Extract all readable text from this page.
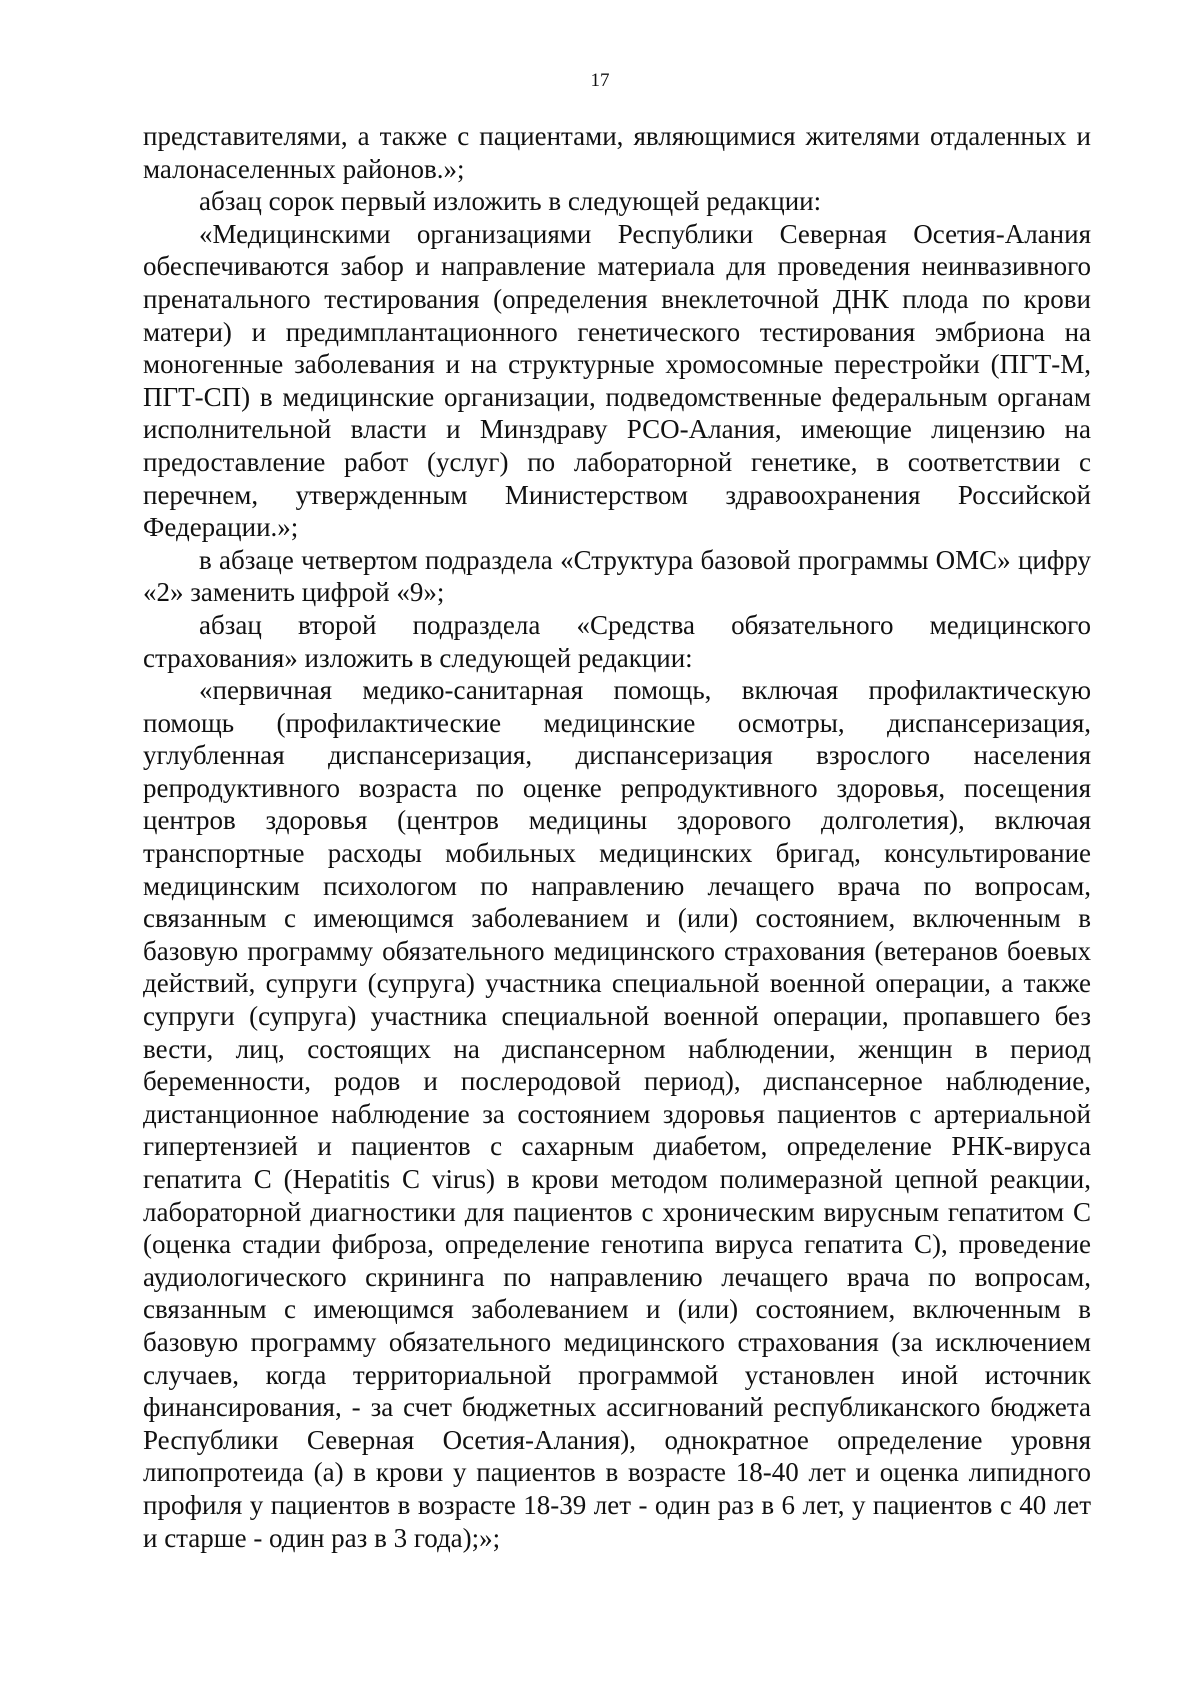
17

представителями, а также с пациентами, являющимися жителями отдаленных и малонаселенных районов.»;

абзац сорок первый изложить в следующей редакции:

«Медицинскими организациями Республики Северная Осетия-Алания обеспечиваются забор и направление материала для проведения неинвазивного пренатального тестирования (определения внеклеточной ДНК плода по крови матери) и предимплантационного генетического тестирования эмбриона на моногенные заболевания и на структурные хромосомные перестройки (ПГТ-М, ПГТ-СП) в медицинские организации, подведомственные федеральным органам исполнительной власти и Минздраву РСО-Алания, имеющие лицензию на предоставление работ (услуг) по лабораторной генетике, в соответствии с перечнем, утвержденным Министерством здравоохранения Российской Федерации.»;

в абзаце четвертом подраздела «Структура базовой программы ОМС» цифру «2» заменить цифрой «9»;

абзац второй подраздела «Средства обязательного медицинского страхования» изложить в следующей редакции:

«первичная медико-санитарная помощь, включая профилактическую помощь (профилактические медицинские осмотры, диспансеризация, углубленная диспансеризация, диспансеризация взрослого населения репродуктивного возраста по оценке репродуктивного здоровья, посещения центров здоровья (центров медицины здорового долголетия), включая транспортные расходы мобильных медицинских бригад, консультирование медицинским психологом по направлению лечащего врача по вопросам, связанным с имеющимся заболеванием и (или) состоянием, включенным в базовую программу обязательного медицинского страхования (ветеранов боевых действий, супруги (супруга) участника специальной военной операции, а также супруги (супруга) участника специальной военной операции, пропавшего без вести, лиц, состоящих на диспансерном наблюдении, женщин в период беременности, родов и послеродовой период), диспансерное наблюдение, дистанционное наблюдение за состоянием здоровья пациентов с артериальной гипертензией и пациентов с сахарным диабетом, определение РНК-вируса гепатита С (Hepatitis C virus) в крови методом полимеразной цепной реакции, лабораторной диагностики для пациентов с хроническим вирусным гепатитом С (оценка стадии фиброза, определение генотипа вируса гепатита С), проведение аудиологического скрининга по направлению лечащего врача по вопросам, связанным с имеющимся заболеванием и (или) состоянием, включенным в базовую программу обязательного медицинского страхования (за исключением случаев, когда территориальной программой установлен иной источник финансирования, - за счет бюджетных ассигнований республиканского бюджета Республики Северная Осетия-Алания), однократное определение уровня липопротеида (а) в крови у пациентов в возрасте 18-40 лет и оценка липидного профиля у пациентов в возрасте 18-39 лет - один раз в 6 лет, у пациентов с 40 лет и старше - один раз в 3 года);»;
